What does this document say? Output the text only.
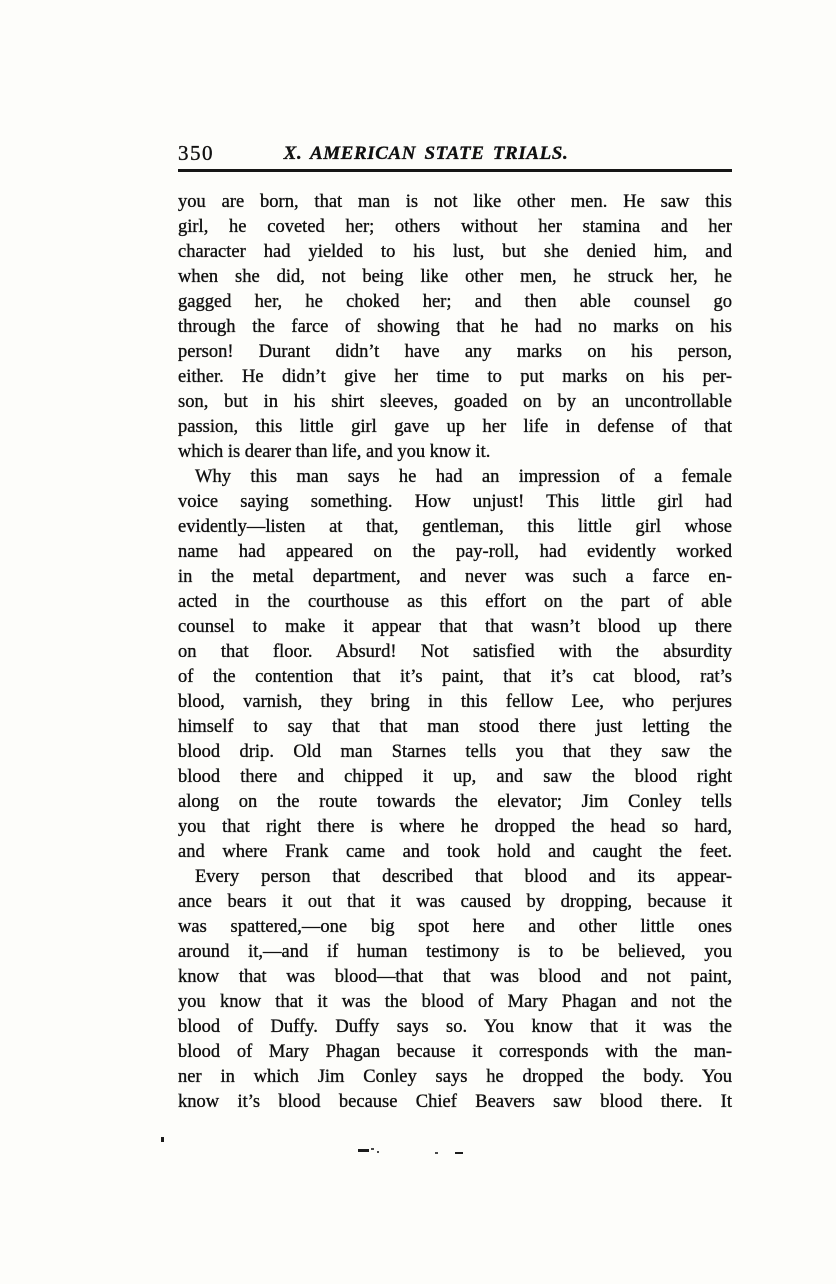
350	X. AMERICAN STATE TRIALS.
you are born, that man is not like other men. He saw this
girl, he coveted her; others without her stamina and her
character had yielded to his lust, but she denied him, and
when she did, not being like other men, he struck her, he
gagged her, he choked her; and then able counsel go
through the farce of showing that he had no marks on his
person! Durant didn’t have any marks on his person,
either. He didn’t give her time to put marks on his per-
son, but in his shirt sleeves, goaded on by an uncontrollable
passion, this little girl gave up her life in defense of that
which is dearer than life, and you know it.
Why this man says he had an impression of a female
voice saying something. How unjust! This little girl had
evidently—listen at that, gentleman, this little girl whose
name had appeared on the pay-roll, had evidently worked
in the metal department, and never was such a farce en-
acted in the courthouse as this effort on the part of able
counsel to make it appear that that wasn’t blood up there
on that floor. Absurd! Not satisfied with the absurdity
of the contention that it’s paint, that it’s cat blood, rat’s
blood, varnish, they bring in this fellow Lee, who perjures
himself to say that that man stood there just letting the
blood drip. Old man Starnes tells you that they saw the
blood there and chipped it up, and saw the blood right
along on the route towards the elevator; Jim Conley tells
you that right there is where he dropped the head so hard,
and where Frank came and took hold and caught the feet.
Every person that described that blood and its appear-
ance bears it out that it was caused by dropping, because it
was spattered,—one big spot here and other little ones
around it,—and if human testimony is to be believed, you
know that was blood—that that was blood and not paint,
you know that it was the blood of Mary Phagan and not the
blood of Duffy. Duffy says so. You know that it was the
blood of Mary Phagan because it corresponds with the man-
ner in which Jim Conley says he dropped the body. You
know it’s blood because Chief Beavers saw blood there. It
